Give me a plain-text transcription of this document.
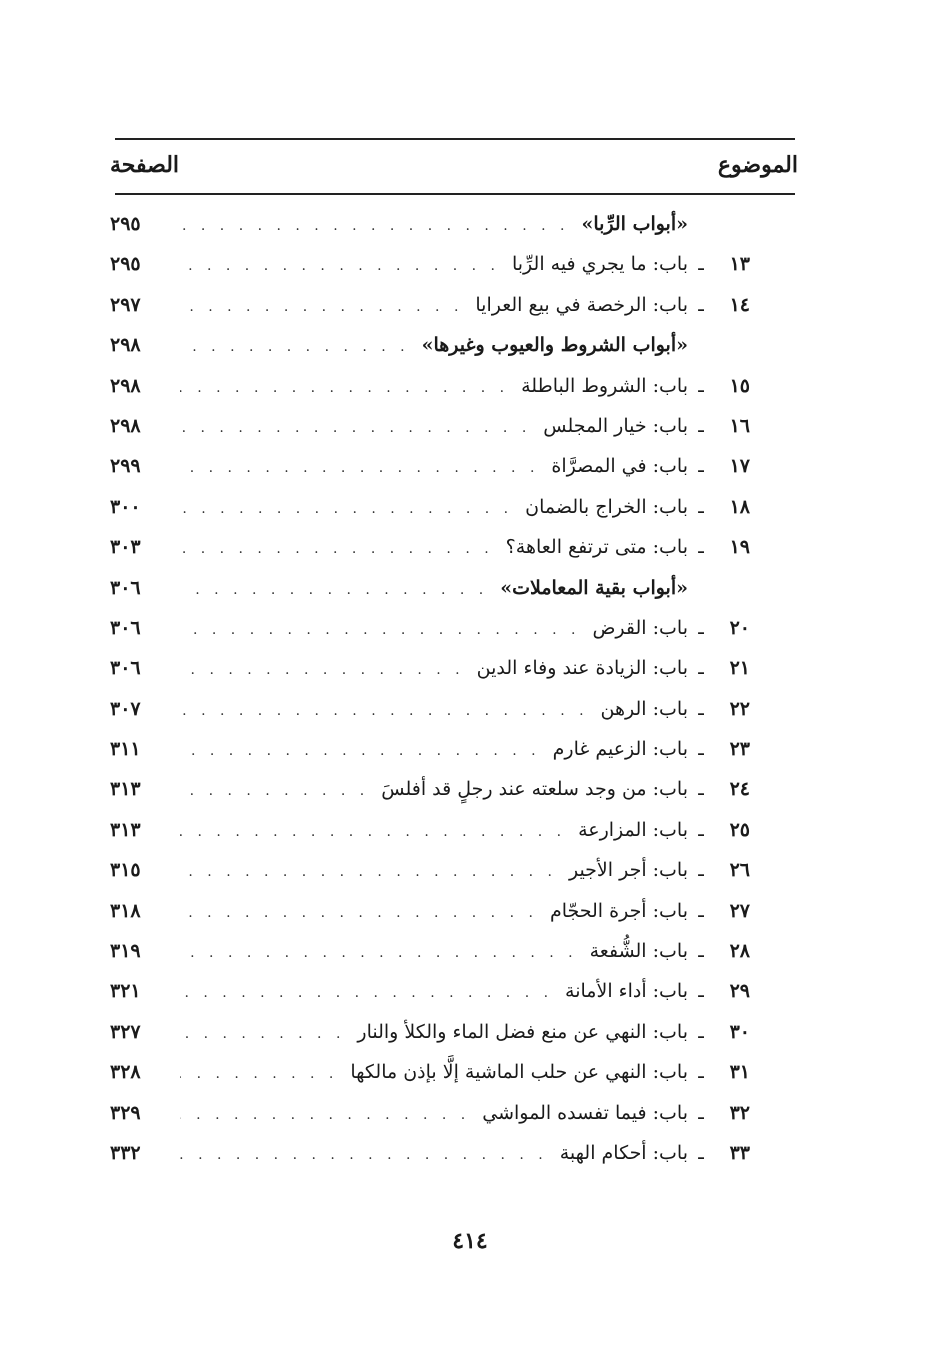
الموضوع
الصفحة
«أبواب الرِّبا»
. . .
٢٩٥
١٣
ـ
باب: ما يجري فيه الرِّبا
. . .
٢٩٥
١٤
ـ
باب: الرخصة في بيع العرايا
. . .
٢٩٧
«أبواب الشروط والعيوب وغيرها»
. . .
٢٩٨
١٥
ـ
باب: الشروط الباطلة
. . .
٢٩٨
١٦
ـ
باب: خيار المجلس
. . .
٢٩٨
١٧
ـ
باب: في المصرَّاة
. . .
٢٩٩
١٨
ـ
باب: الخراج بالضمان
. . .
٣٠٠
١٩
ـ
باب: متى ترتفع العاهة؟
. . .
٣٠٣
«أبواب بقية المعاملات»
. . .
٣٠٦
٢٠
ـ
باب: القرض
. . .
٣٠٦
٢١
ـ
باب: الزيادة عند وفاء الدين
. . .
٣٠٦
٢٢
ـ
باب: الرهن
. . .
٣٠٧
٢٣
ـ
باب: الزعيم غارم
. . .
٣١١
٢٤
ـ
باب: من وجد سلعته عند رجلٍ قد أفلسَ
. . .
٣١٣
٢٥
ـ
باب: المزارعة
. . .
٣١٣
٢٦
ـ
باب: أجر الأجير
. . .
٣١٥
٢٧
ـ
باب: أجرة الحجّام
. . .
٣١٨
٢٨
ـ
باب: الشُّفعة
. . .
٣١٩
٢٩
ـ
باب: أداء الأمانة
. . .
٣٢١
٣٠
ـ
باب: النهي عن منع فضل الماء والكلأ والنار
. . .
٣٢٧
٣١
ـ
باب: النهي عن حلب الماشية إلَّا بإذن مالكها
. . .
٣٢٨
٣٢
ـ
باب: فيما تفسده المواشي
. . .
٣٢٩
٣٣
ـ
باب: أحكام الهبة
. . .
٣٣٢
٤١٤
